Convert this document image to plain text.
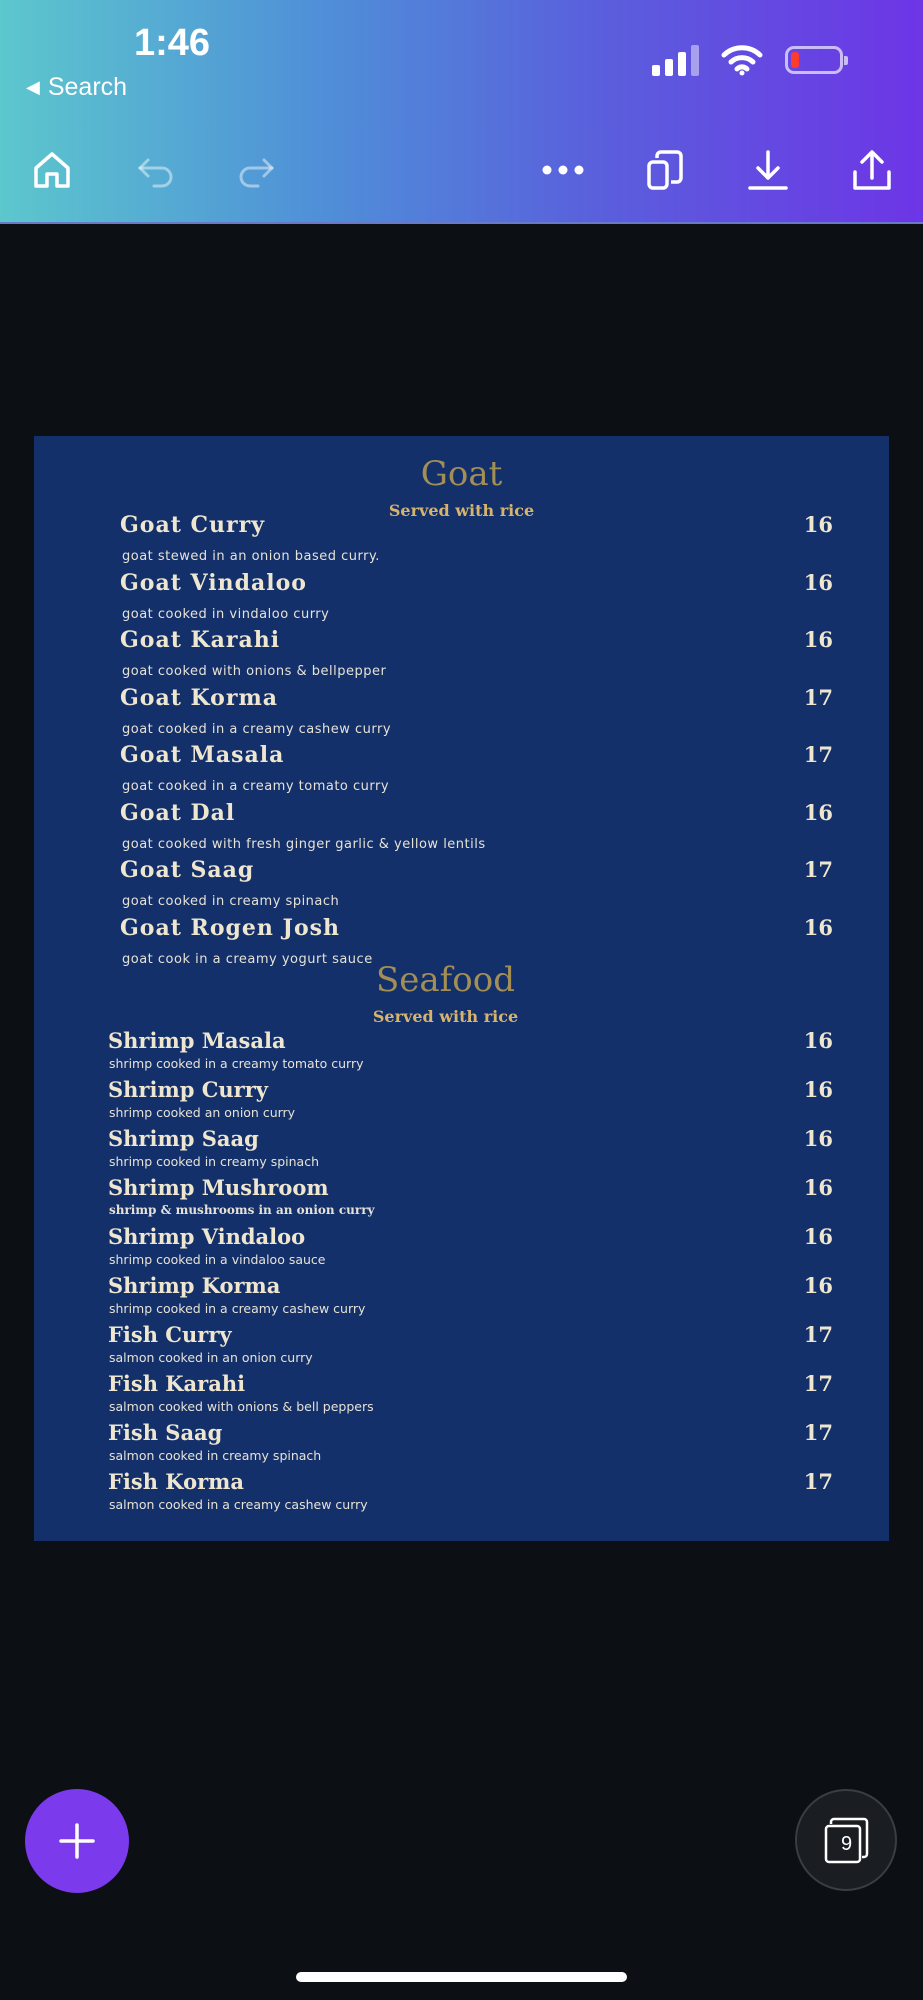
1:46
◀ Search
Goat
Served with rice
Goat Curry
goat stewed in an onion based curry.
16
Goat Vindaloo
goat cooked in vindaloo curry
16
Goat Karahi
goat cooked with onions & bellpepper
16
Goat Korma
goat cooked in a creamy cashew curry
17
Goat Masala
goat cooked in a creamy tomato curry
17
Goat Dal
goat cooked with fresh ginger garlic & yellow lentils
16
Goat Saag
goat cooked in creamy spinach
17
Goat Rogen Josh
goat cook in a creamy yogurt sauce
16
Seafood
Served with rice
Shrimp Masala
shrimp cooked in a creamy tomato curry
16
Shrimp Curry
shrimp cooked an onion curry
16
Shrimp Saag
shrimp cooked in creamy spinach
16
Shrimp Mushroom
shrimp & mushrooms in an onion curry
16
Shrimp Vindaloo
shrimp cooked in a vindaloo sauce
16
Shrimp Korma
shrimp cooked in a creamy cashew curry
16
Fish Curry
salmon cooked in an onion curry
17
Fish Karahi
salmon cooked with onions & bell peppers
17
Fish Saag
salmon cooked in creamy spinach
17
Fish Korma
salmon cooked in a creamy cashew curry
17
9
